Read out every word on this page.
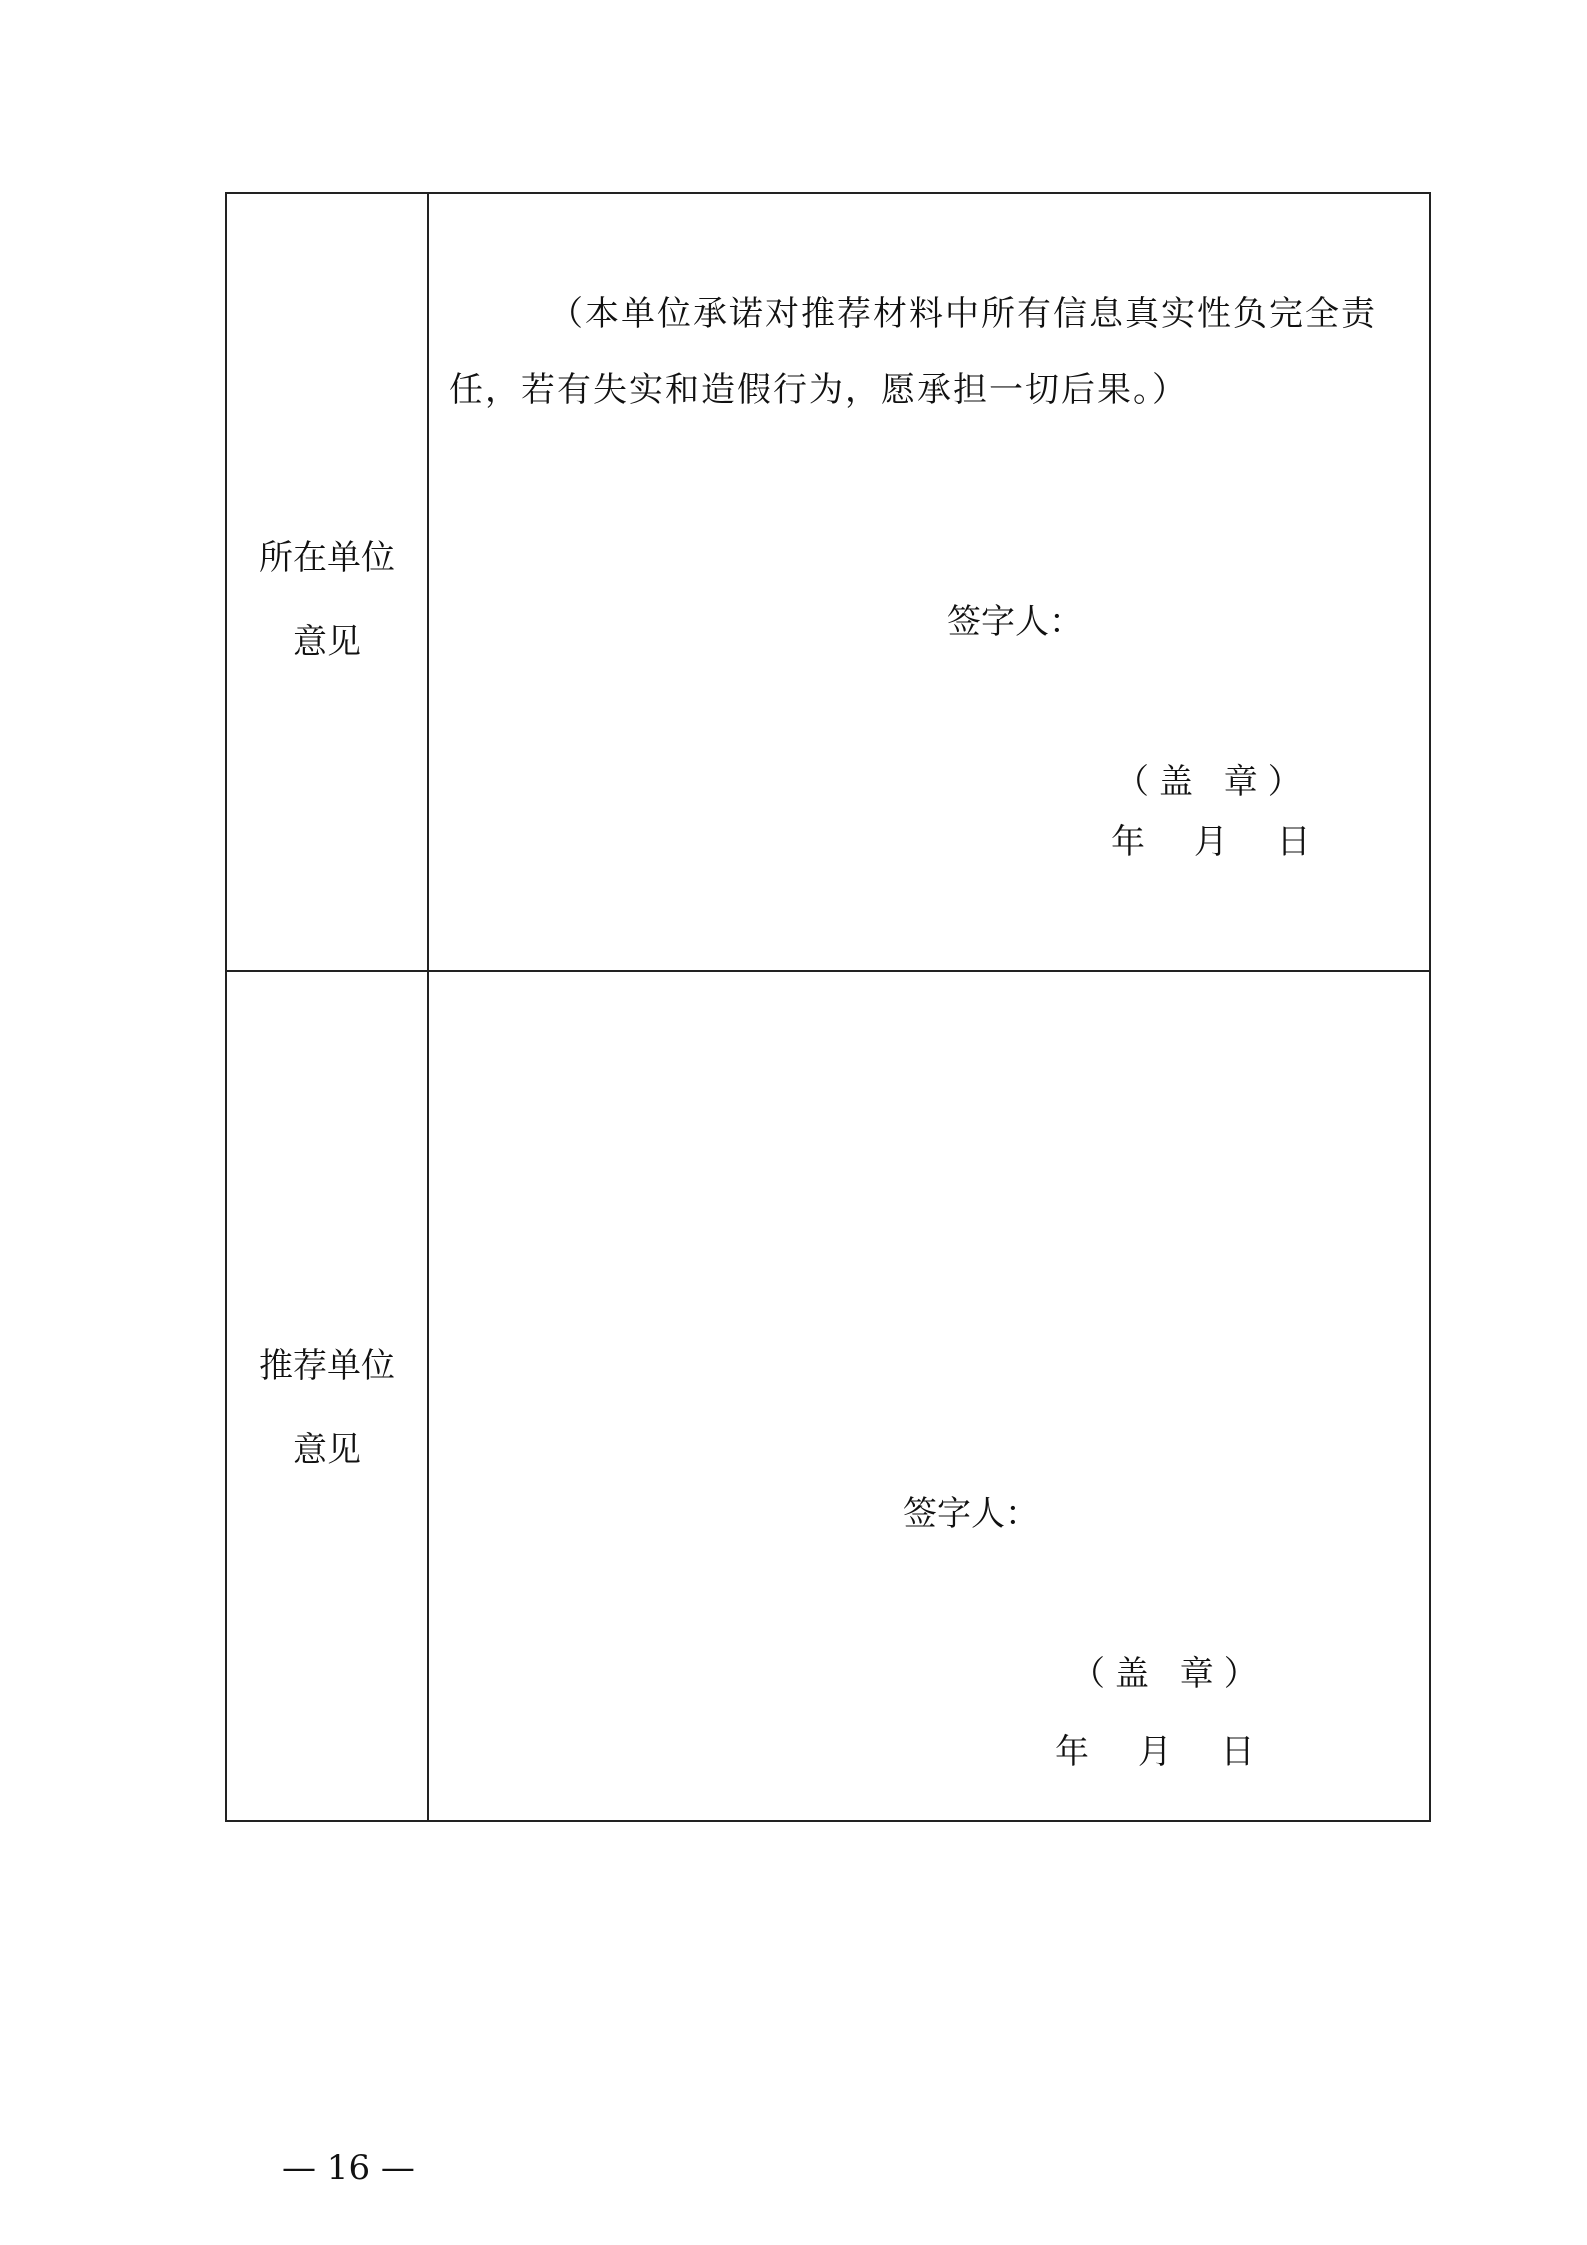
所在单位
意见
（本单位承诺对推荐材料中所有信息真实性负完全责任，若有失实和造假行为，愿承担一切后果。）
签字人：
（盖 章）
年 月 日
推荐单位
意见
签字人：
（盖 章）
年 月 日
— 16 —
